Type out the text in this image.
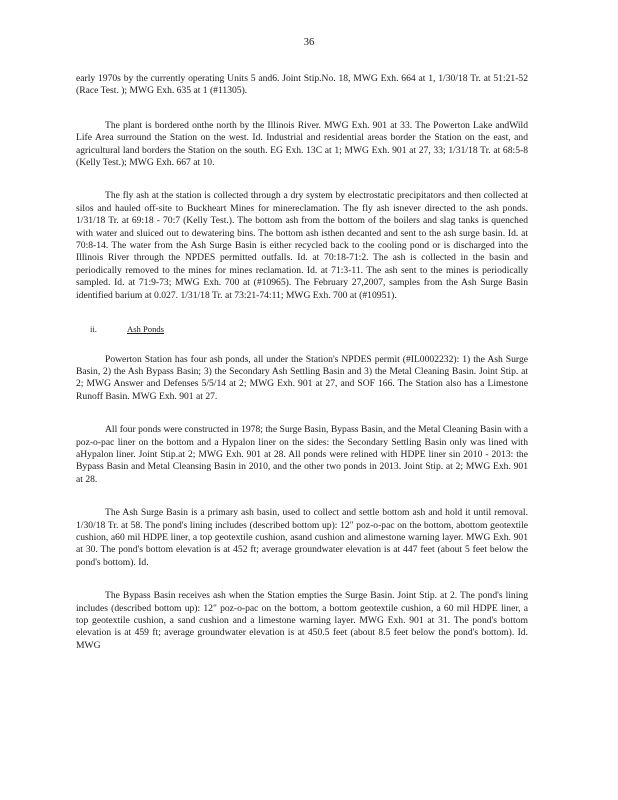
36

early 1970s by the currently operating Units 5 and6. Joint Stip.No. 18, MWG Exh. 664 at 1, 1/30/18 Tr. at 51:21-52 (Race Test. ); MWG Exh. 635 at 1 (#11305).

The plant is bordered onthe north by the Illinois River. MWG Exh. 901 at 33. The Powerton Lake andWild Life Area surround the Station on the west. Id. Industrial and residential areas border the Station on the east, and agricultural land borders the Station on the south. EG Exh. 13C at 1; MWG Exh. 901 at 27, 33; 1/31/18 Tr. at 68:5-8 (Kelly Test.); MWG Exh. 667 at 10.

The fly ash at the station is collected through a dry system by electrostatic precipitators and then collected at silos and hauled off-site to Buckheart Mines for minereclamation. The fly ash isnever directed to the ash ponds. 1/31/18 Tr. at 69:18 - 70:7 (Kelly Test.). The bottom ash from the bottom of the boilers and slag tanks is quenched with water and sluiced out to dewatering bins. The bottom ash isthen decanted and sent to the ash surge basin. Id. at 70:8-14. The water from the Ash Surge Basin is either recycled back to the cooling pond or is discharged into the Illinois River through the NPDES permitted outfalls. Id. at 70:18-71:2. The ash is collected in the basin and periodically removed to the mines for mines reclamation. Id. at 71:3-11. The ash sent to the mines is periodically sampled. Id. at 71:9-73; MWG Exh. 700 at (#10965). The February 27,2007, samples from the Ash Surge Basin identified barium at 0.027. 1/31/18 Tr. at 73:21-74:11; MWG Exh. 700 at (#10951).

ii.	Ash Ponds

Powerton Station has four ash ponds, all under the Station's NPDES permit (#IL0002232): 1) the Ash Surge Basin, 2) the Ash Bypass Basin; 3) the Secondary Ash Settling Basin and 3) the Metal Cleaning Basin. Joint Stip. at 2; MWG Answer and Defenses 5/5/14 at 2; MWG Exh. 901 at 27, and SOF 166. The Station also has a Limestone Runoff Basin. MWG Exh. 901 at 27.

All four ponds were constructed in 1978; the Surge Basin, Bypass Basin, and the Metal Cleaning Basin with a poz-o-pac liner on the bottom and a Hypalon liner on the sides: the Secondary Settling Basin only was lined with aHypalon liner. Joint Stip.at 2; MWG Exh. 901 at 28. All ponds were relined with HDPE liner sin 2010 - 2013: the Bypass Basin and Metal Cleansing Basin in 2010, and the other two ponds in 2013. Joint Stip. at 2; MWG Exh. 901 at 28.

The Ash Surge Basin is a primary ash basin, used to collect and settle bottom ash and hold it until removal. 1/30/18 Tr. at 58. The pond's lining includes (described bottom up): 12" poz-o-pac on the bottom, abottom geotextile cushion, a60 mil HDPE liner, a top geotextile cushion, asand cushion and alimestone warning layer. MWG Exh. 901 at 30. The pond's bottom elevation is at 452 ft; average groundwater elevation is at 447 feet (about 5 feet below the pond's bottom). Id.

The Bypass Basin receives ash when the Station empties the Surge Basin. Joint Stip. at 2. The pond's lining includes (described bottom up): 12" poz-o-pac on the bottom, a bottom geotextile cushion, a 60 mil HDPE liner, a top geotextile cushion, a sand cushion and a limestone warning layer. MWG Exh. 901 at 31. The pond's bottom elevation is at 459 ft; average groundwater elevation is at 450.5 feet (about 8.5 feet below the pond's bottom). Id. MWG
